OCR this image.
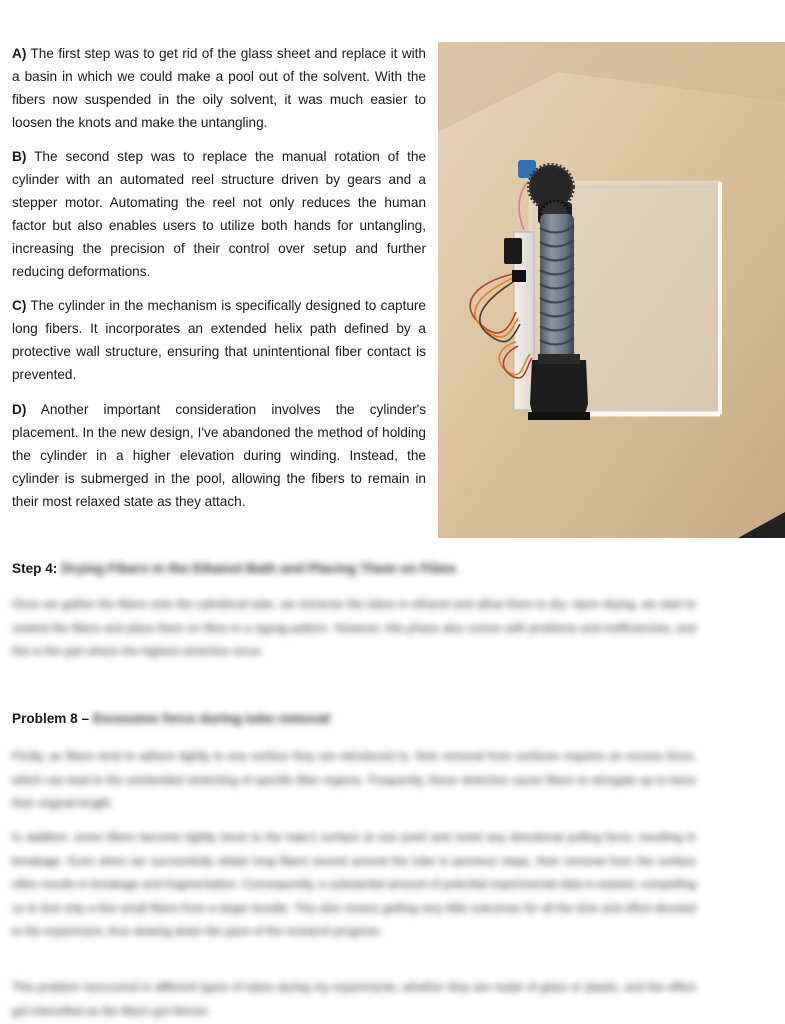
A) The first step was to get rid of the glass sheet and replace it with a basin in which we could make a pool out of the solvent. With the fibers now suspended in the oily solvent, it was much easier to loosen the knots and make the untangling.

B) The second step was to replace the manual rotation of the cylinder with an automated reel structure driven by gears and a stepper motor. Automating the reel not only reduces the human factor but also enables users to utilize both hands for untangling, increasing the precision of their control over setup and further reducing deformations.

C) The cylinder in the mechanism is specifically designed to capture long fibers. It incorporates an extended helix path defined by a protective wall structure, ensuring that unintentional fiber contact is prevented.

D) Another important consideration involves the cylinder's placement. In the new design, I've abandoned the method of holding the cylinder in a higher elevation during winding. Instead, the cylinder is submerged in the pool, allowing the fibers to remain in their most relaxed state as they attach.

Step 4: Drying Fibers in the Ethanol Bath and Placing Them on Films

Once we gather the fibers onto the cylindrical tube, we immerse the tubes in ethanol and allow them to dry. Upon drying, we start to unwind the fibers and place them on films in a zigzag pattern. However, this phase also comes with problems and inefficiencies, and this is the part where the highest stretches occur.

Problem 8 – Excessive force during tube removal

Firstly, as fibers tend to adhere tightly to any surface they are introduced to, their removal from surfaces requires an excess force, which can lead to the unintended stretching of specific fiber regions. Frequently, these stretches cause fibers to elongate up to twice their original length.

In addition, some fibers become tightly stuck to the tube's surface at one point and resist any directional pulling force, resulting in breakage. Even when we successfully obtain long fibers wound around the tube in previous steps, their removal from the surface often results in breakage and fragmentation. Consequently, a substantial amount of potential experimental data is wasted, compelling us to test only a few small fibers from a larger bundle. This also means getting very little outcomes for all the time and effort devoted to the experiment, thus slowing down the pace of the research progress.

This problem reoccurred in different types of tubes during my experiments, whether they are made of glass or plastic, and the effect got intensified as the fibers got thinner.
